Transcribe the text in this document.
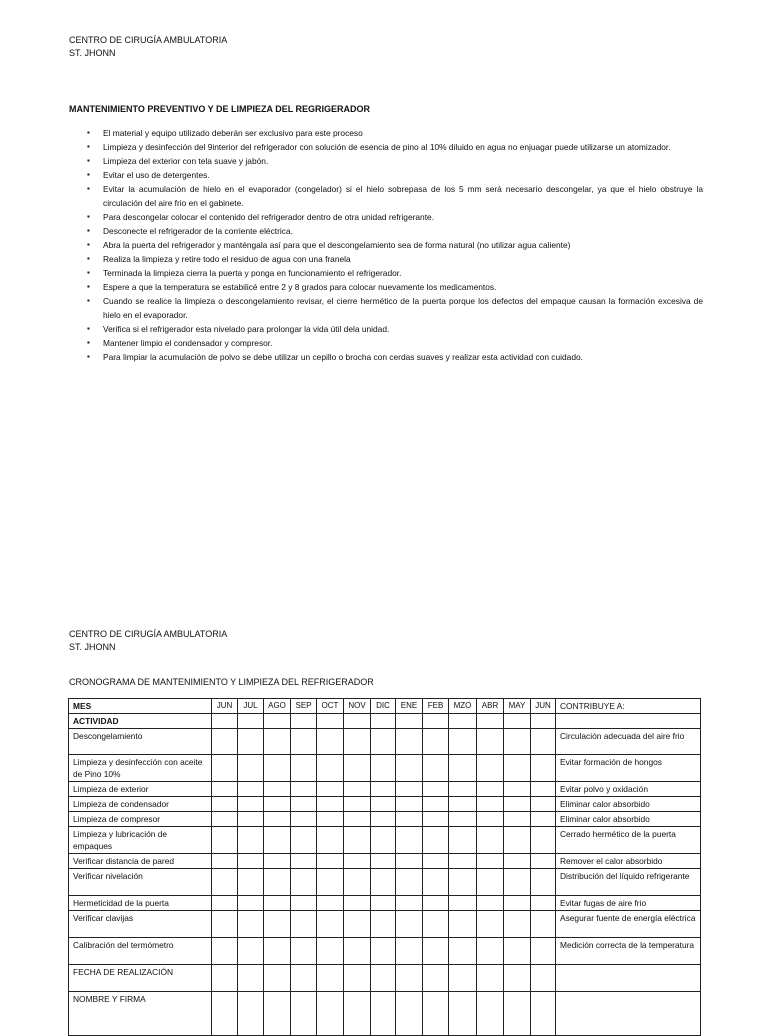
CENTRO DE CIRUGÍA AMBULATORIA
ST. JHONN
MANTENIMIENTO PREVENTIVO Y DE LIMPIEZA DEL REGRIGERADOR
▪ El material y equipo utilizado deberán ser exclusivo para este proceso
▪ Limpieza y desinfección del 9interior del refrigerador con solución de esencia de pino al 10% diluido en agua no enjuagar puede utilizarse un atomizador.
▪ Limpieza del exterior con tela suave y jabón.
▪ Evitar el uso de detergentes.
▪ Evitar la acumulación de hielo en el evaporador (congelador) si el hielo sobrepasa de los 5 mm será necesario descongelar, ya que el hielo obstruye la circulación del aire frio en el gabinete.
▪ Para descongelar colocar el contenido del refrigerador dentro de otra unidad refrigerante.
▪ Desconecte el refrigerador de la corriente eléctrica.
▪ Abra la puerta del refrigerador y manténgala así para que el descongelamiento sea de forma natural (no utilizar agua caliente)
▪ Realiza la limpieza y retire todo el residuo de agua con una franela
▪ Terminada la limpieza cierra la puerta y ponga en funcionamiento el refrigerador.
▪ Espere a que la temperatura se estabilicé entre 2 y 8 grados para colocar nuevamente los medicamentos.
▪ Cuando se realice la limpieza o descongelamiento revisar, el cierre hermético de la puerta porque los defectos del empaque causan la formación excesiva de hielo en el evaporador.
▪ Verifica si el refrigerador esta nivelado para prolongar la vida útil dela unidad.
▪ Mantener limpio el condensador y compresor.
▪ Para limpiar la acumulación de polvo se debe utilizar un cepillo o brocha con cerdas suaves y realizar esta actividad con cuidado.
CENTRO DE CIRUGÍA AMBULATORIA
ST. JHONN
CRONOGRAMA DE MANTENIMIENTO Y LIMPIEZA DEL REFRIGERADOR
MES	JUN	JUL	AGO	SEP	OCT	NOV	DIC	ENE	FEB	MZO	ABR	MAY	JUN	CONTRIBUYE A:
ACTIVIDAD														
Descongelamiento														Circulación adecuada del aire frio
Limpieza y desinfección con aceite de Pino 10%														Evitar formación de hongos
Limpieza de exterior														Evitar polvo y oxidación
Limpieza de condensador														Eliminar calor absorbido
Limpieza de compresor														Eliminar calor absorbido
Limpieza y lubricación de empaques														Cerrado hermético de la puerta
Verificar distancia de pared														Remover el calor absorbido
Verificar nivelación														Distribución del líquido refrigerante
Hermeticidad de la puerta														Evitar fugas de aire frio
Verificar clavijas														Asegurar fuente de energía eléctrica
Calibración del termómetro														Medición correcta de la temperatura
FECHA DE REALIZACIÓN														
NOMBRE Y FIRMA														
